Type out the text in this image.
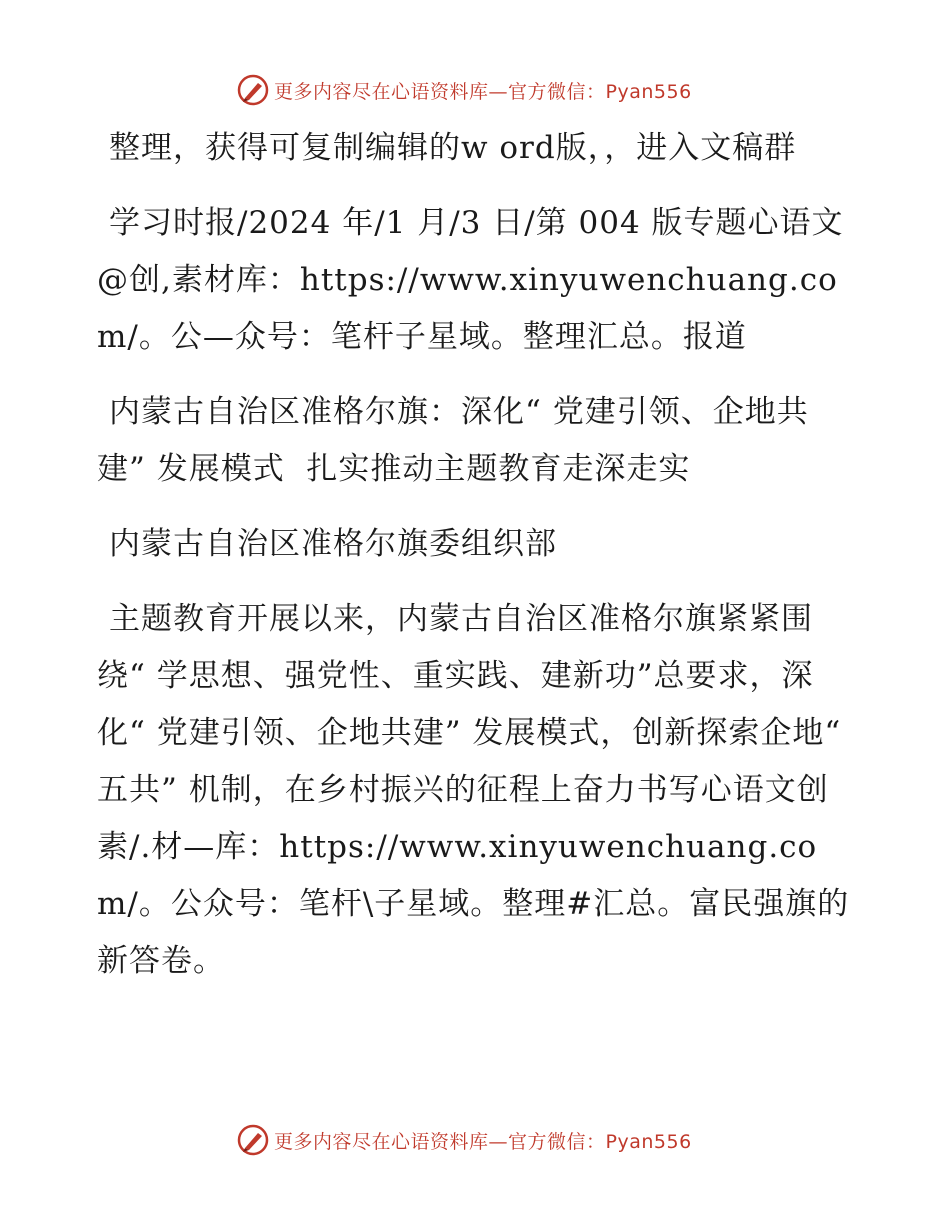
更多内容尽在心语资料库—官方微信：Pyan556

整理，获得可复制编辑的w ord版，，进入文稿群

学习时报/2024 年/1 月/3 日/第 004 版专题心语文@创,素材库：https://www.xinyuwenchuang.com/。公—众号：笔杆子星域。整理汇总。报道

内蒙古自治区准格尔旗：深化“ 党建引领、企地共建” 发展模式  扎实推动主题教育走深走实

内蒙古自治区准格尔旗委组织部

主题教育开展以来，内蒙古自治区准格尔旗紧紧围绕“ 学思想、强党性、重实践、建新功”总要求，深化“ 党建引领、企地共建” 发展模式，创新探索企地“ 五共” 机制，在乡村振兴的征程上奋力书写心语文创素/.材—库：https://www.xinyuwenchuang.com/。公众号：笔杆\子星域。整理#汇总。富民强旗的新答卷。

更多内容尽在心语资料库—官方微信：Pyan556
